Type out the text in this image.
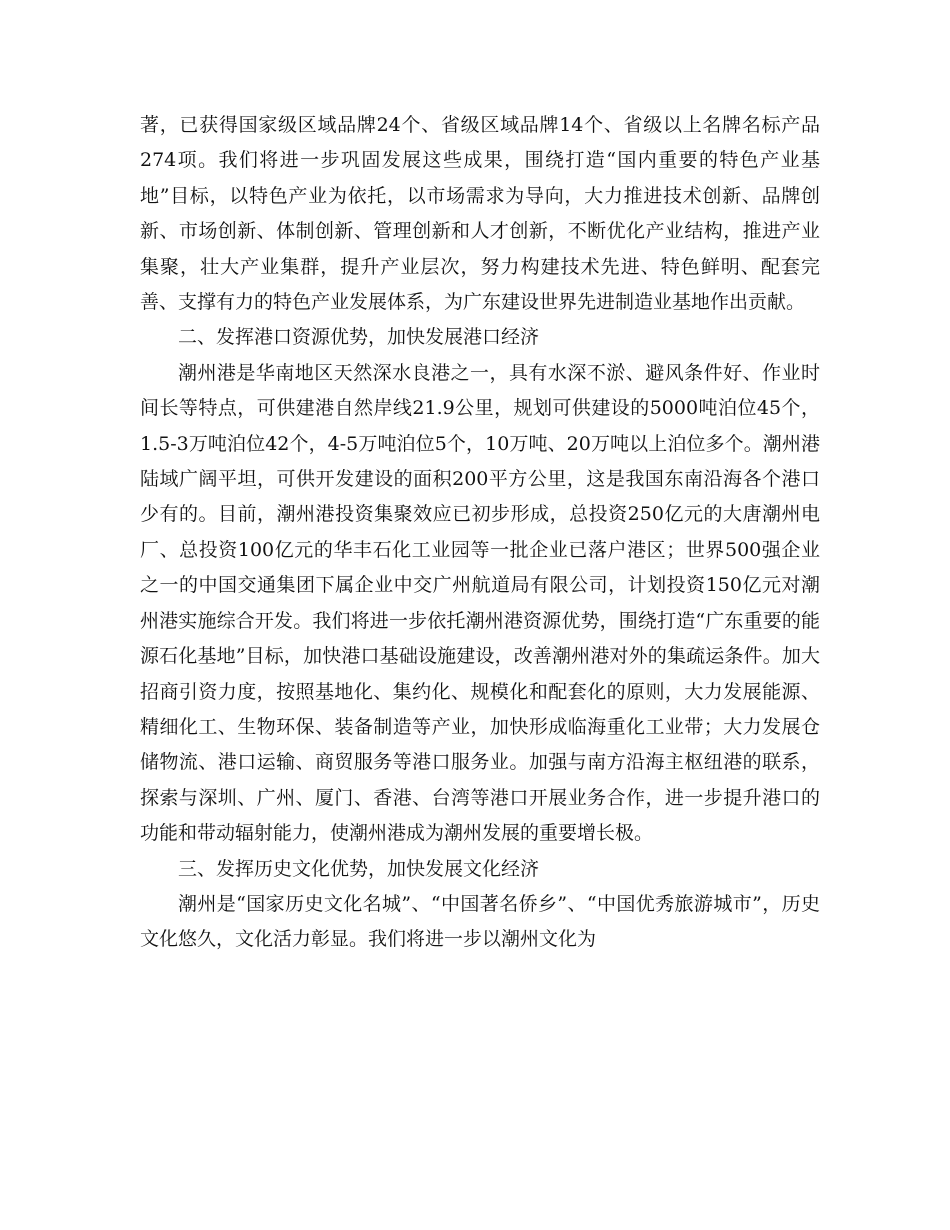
著，已获得国家级区域品牌24个、省级区域品牌14个、省级以上名牌名标产品274项。我们将进一步巩固发展这些成果，围绕打造“国内重要的特色产业基地”目标，以特色产业为依托，以市场需求为导向，大力推进技术创新、品牌创新、市场创新、体制创新、管理创新和人才创新，不断优化产业结构，推进产业集聚，壮大产业集群，提升产业层次，努力构建技术先进、特色鲜明、配套完善、支撑有力的特色产业发展体系，为广东建设世界先进制造业基地作出贡献。

二、发挥港口资源优势，加快发展港口经济

潮州港是华南地区天然深水良港之一，具有水深不淤、避风条件好、作业时间长等特点，可供建港自然岸线21.9公里，规划可供建设的5000吨泊位45个，1.5-3万吨泊位42个，4-5万吨泊位5个，10万吨、20万吨以上泊位多个。潮州港陆域广阔平坦，可供开发建设的面积200平方公里，这是我国东南沿海各个港口少有的。目前，潮州港投资集聚效应已初步形成，总投资250亿元的大唐潮州电厂、总投资100亿元的华丰石化工业园等一批企业已落户港区；世界500强企业之一的中国交通集团下属企业中交广州航道局有限公司，计划投资150亿元对潮州港实施综合开发。我们将进一步依托潮州港资源优势，围绕打造“广东重要的能源石化基地”目标，加快港口基础设施建设，改善潮州港对外的集疏运条件。加大招商引资力度，按照基地化、集约化、规模化和配套化的原则，大力发展能源、精细化工、生物环保、装备制造等产业，加快形成临海重化工业带；大力发展仓储物流、港口运输、商贸服务等港口服务业。加强与南方沿海主枢纽港的联系，探索与深圳、广州、厦门、香港、台湾等港口开展业务合作，进一步提升港口的功能和带动辐射能力，使潮州港成为潮州发展的重要增长极。

三、发挥历史文化优势，加快发展文化经济

潮州是“国家历史文化名城”、“中国著名侨乡”、“中国优秀旅游城市”，历史文化悠久，文化活力彰显。我们将进一步以潮州文化为
